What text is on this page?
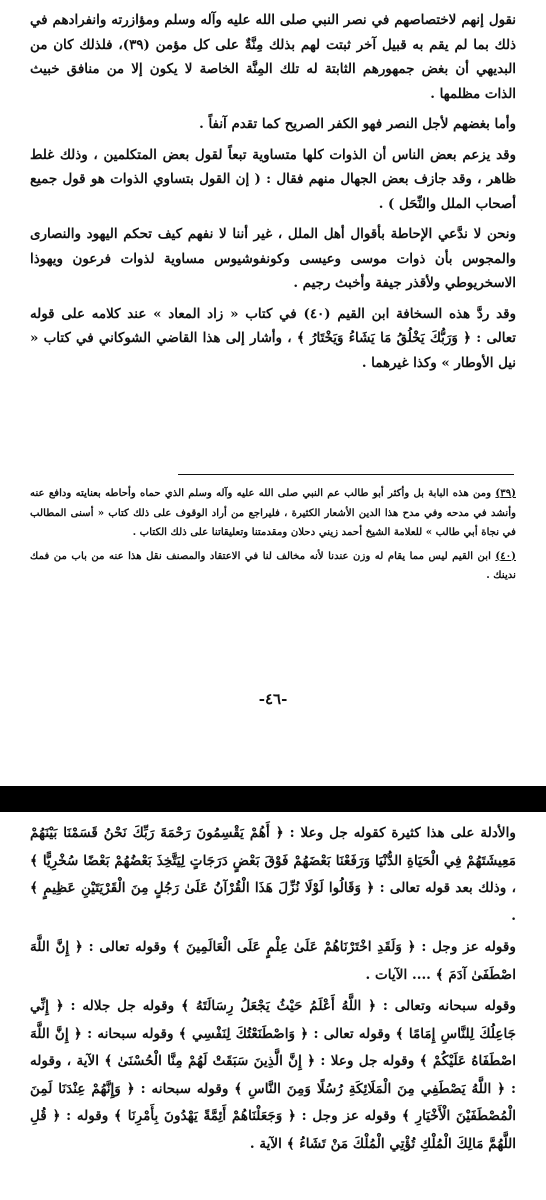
نقول إنهم لاختصاصهم في نصر النبي صلى الله عليه وآله وسلم ومؤازرته وانفرادهم في ذلك بما لم يقم به قبيل آخر ثبتت لهم بذلك مِنَّةٌ على كل مؤمن (٣٩)، فلذلك كان من البديهي أن بغض جمهورهم الثابتة له تلك المِنَّة الخاصة لا يكون إلا من منافق خبيث الذات مظلمها .

وأما بغضهم لأجل النصر فهو الكفر الصريح كما تقدم آنفاً .

وقد يزعم بعض الناس أن الذوات كلها متساوية تبعاً لقول بعض المتكلمين ، وذلك غلط ظاهر ، وقد جازف بعض الجهال منهم فقال : ( إن القول بتساوي الذوات هو قول جميع أصحاب الملل والنِّحَل ) .

ونحن لا ندَّعي الإحاطة بأقوال أهل الملل ، غير أننا لا نفهم كيف تحكم اليهود والنصارى والمجوس بأن ذوات موسى وعيسى وكونفوشيوس مساوية لذوات فرعون ويهوذا الاسخريوطي ولأقذر جيفة وأخبث رجيم .

وقد ردَّ هذه السخافة ابن القيم (٤٠) في كتاب « زاد المعاد » عند كلامه على قوله تعالى : ﴿ وَرَبُّكَ يَخْلُقُ مَا يَشَاءُ وَيَخْتَارُ ﴾ ، وأشار إلى هذا القاضي الشوكاني في كتاب « نيل الأوطار » وكذا غيرهما .

(٣٩) ومن هذه البابة بل وأكثر أبو طالب عم النبي صلى الله عليه وآله وسلم الذي حماه وأحاطه بعنايته ودافع عنه وأنشد في مدحه وفي مدح هذا الدين الأشعار الكثيرة ، فليراجع من أراد الوقوف على ذلك كتاب « أسنى المطالب في نجاة أبي طالب » للعلامة الشيخ أحمد زيني دحلان ومقدمتنا وتعليقاتنا على ذلك الكتاب .

(٤٠) ابن القيم ليس مما يقام له وزن عندنا لأنه مخالف لنا في الاعتقاد والمصنف نقل هذا عنه من باب من فمك ندينك .

-٤٦-

والأدلة على هذا كثيرة كقوله جل وعلا : ﴿ أَهُمْ يَقْسِمُونَ رَحْمَةَ رَبِّكَ نَحْنُ قَسَمْنَا بَيْنَهُمْ مَعِيشَتَهُمْ فِي الْحَيَاةِ الدُّنْيَا وَرَفَعْنَا بَعْضَهُمْ فَوْقَ بَعْضٍ دَرَجَاتٍ لِيَتَّخِذَ بَعْضُهُمْ بَعْضًا سُخْرِيًّا ﴾ ، وذلك بعد قوله تعالى : ﴿ وَقَالُوا لَوْلَا نُزِّلَ هَذَا الْقُرْآنُ عَلَىٰ رَجُلٍ مِنَ الْقَرْيَتَيْنِ عَظِيمٍ ﴾ .

وقوله عز وجل : ﴿ وَلَقَدِ اخْتَرْنَاهُمْ عَلَىٰ عِلْمٍ عَلَى الْعَالَمِينَ ﴾ وقوله تعالى : ﴿ إِنَّ اللَّهَ اصْطَفَىٰ آدَمَ ﴾ .... الآيات .

وقوله سبحانه وتعالى : ﴿ اللَّهُ أَعْلَمُ حَيْثُ يَجْعَلُ رِسَالَتَهُ ﴾ وقوله جل جلاله : ﴿ إِنِّي جَاعِلُكَ لِلنَّاسِ إِمَامًا ﴾ وقوله تعالى : ﴿ وَاصْطَنَعْتُكَ لِنَفْسِي ﴾ وقوله سبحانه : ﴿ إِنَّ اللَّهَ اصْطَفَاهُ عَلَيْكُمْ ﴾ وقوله جل وعلا : ﴿ إِنَّ الَّذِينَ سَبَقَتْ لَهُمْ مِنَّا الْحُسْنَىٰ ﴾ الآية ، وقوله : ﴿ اللَّهُ يَصْطَفِي مِنَ الْمَلَائِكَةِ رُسُلًا وَمِنَ النَّاسِ ﴾ وقوله سبحانه : ﴿ وَإِنَّهُمْ عِنْدَنَا لَمِنَ الْمُصْطَفَيْنَ الْأَخْيَارِ ﴾ وقوله عز وجل : ﴿ وَجَعَلْنَاهُمْ أَئِمَّةً يَهْدُونَ بِأَمْرِنَا ﴾ وقوله : ﴿ قُلِ اللَّهُمَّ مَالِكَ الْمُلْكِ تُؤْتِي الْمُلْكَ مَنْ تَشَاءُ ﴾ الآية .
